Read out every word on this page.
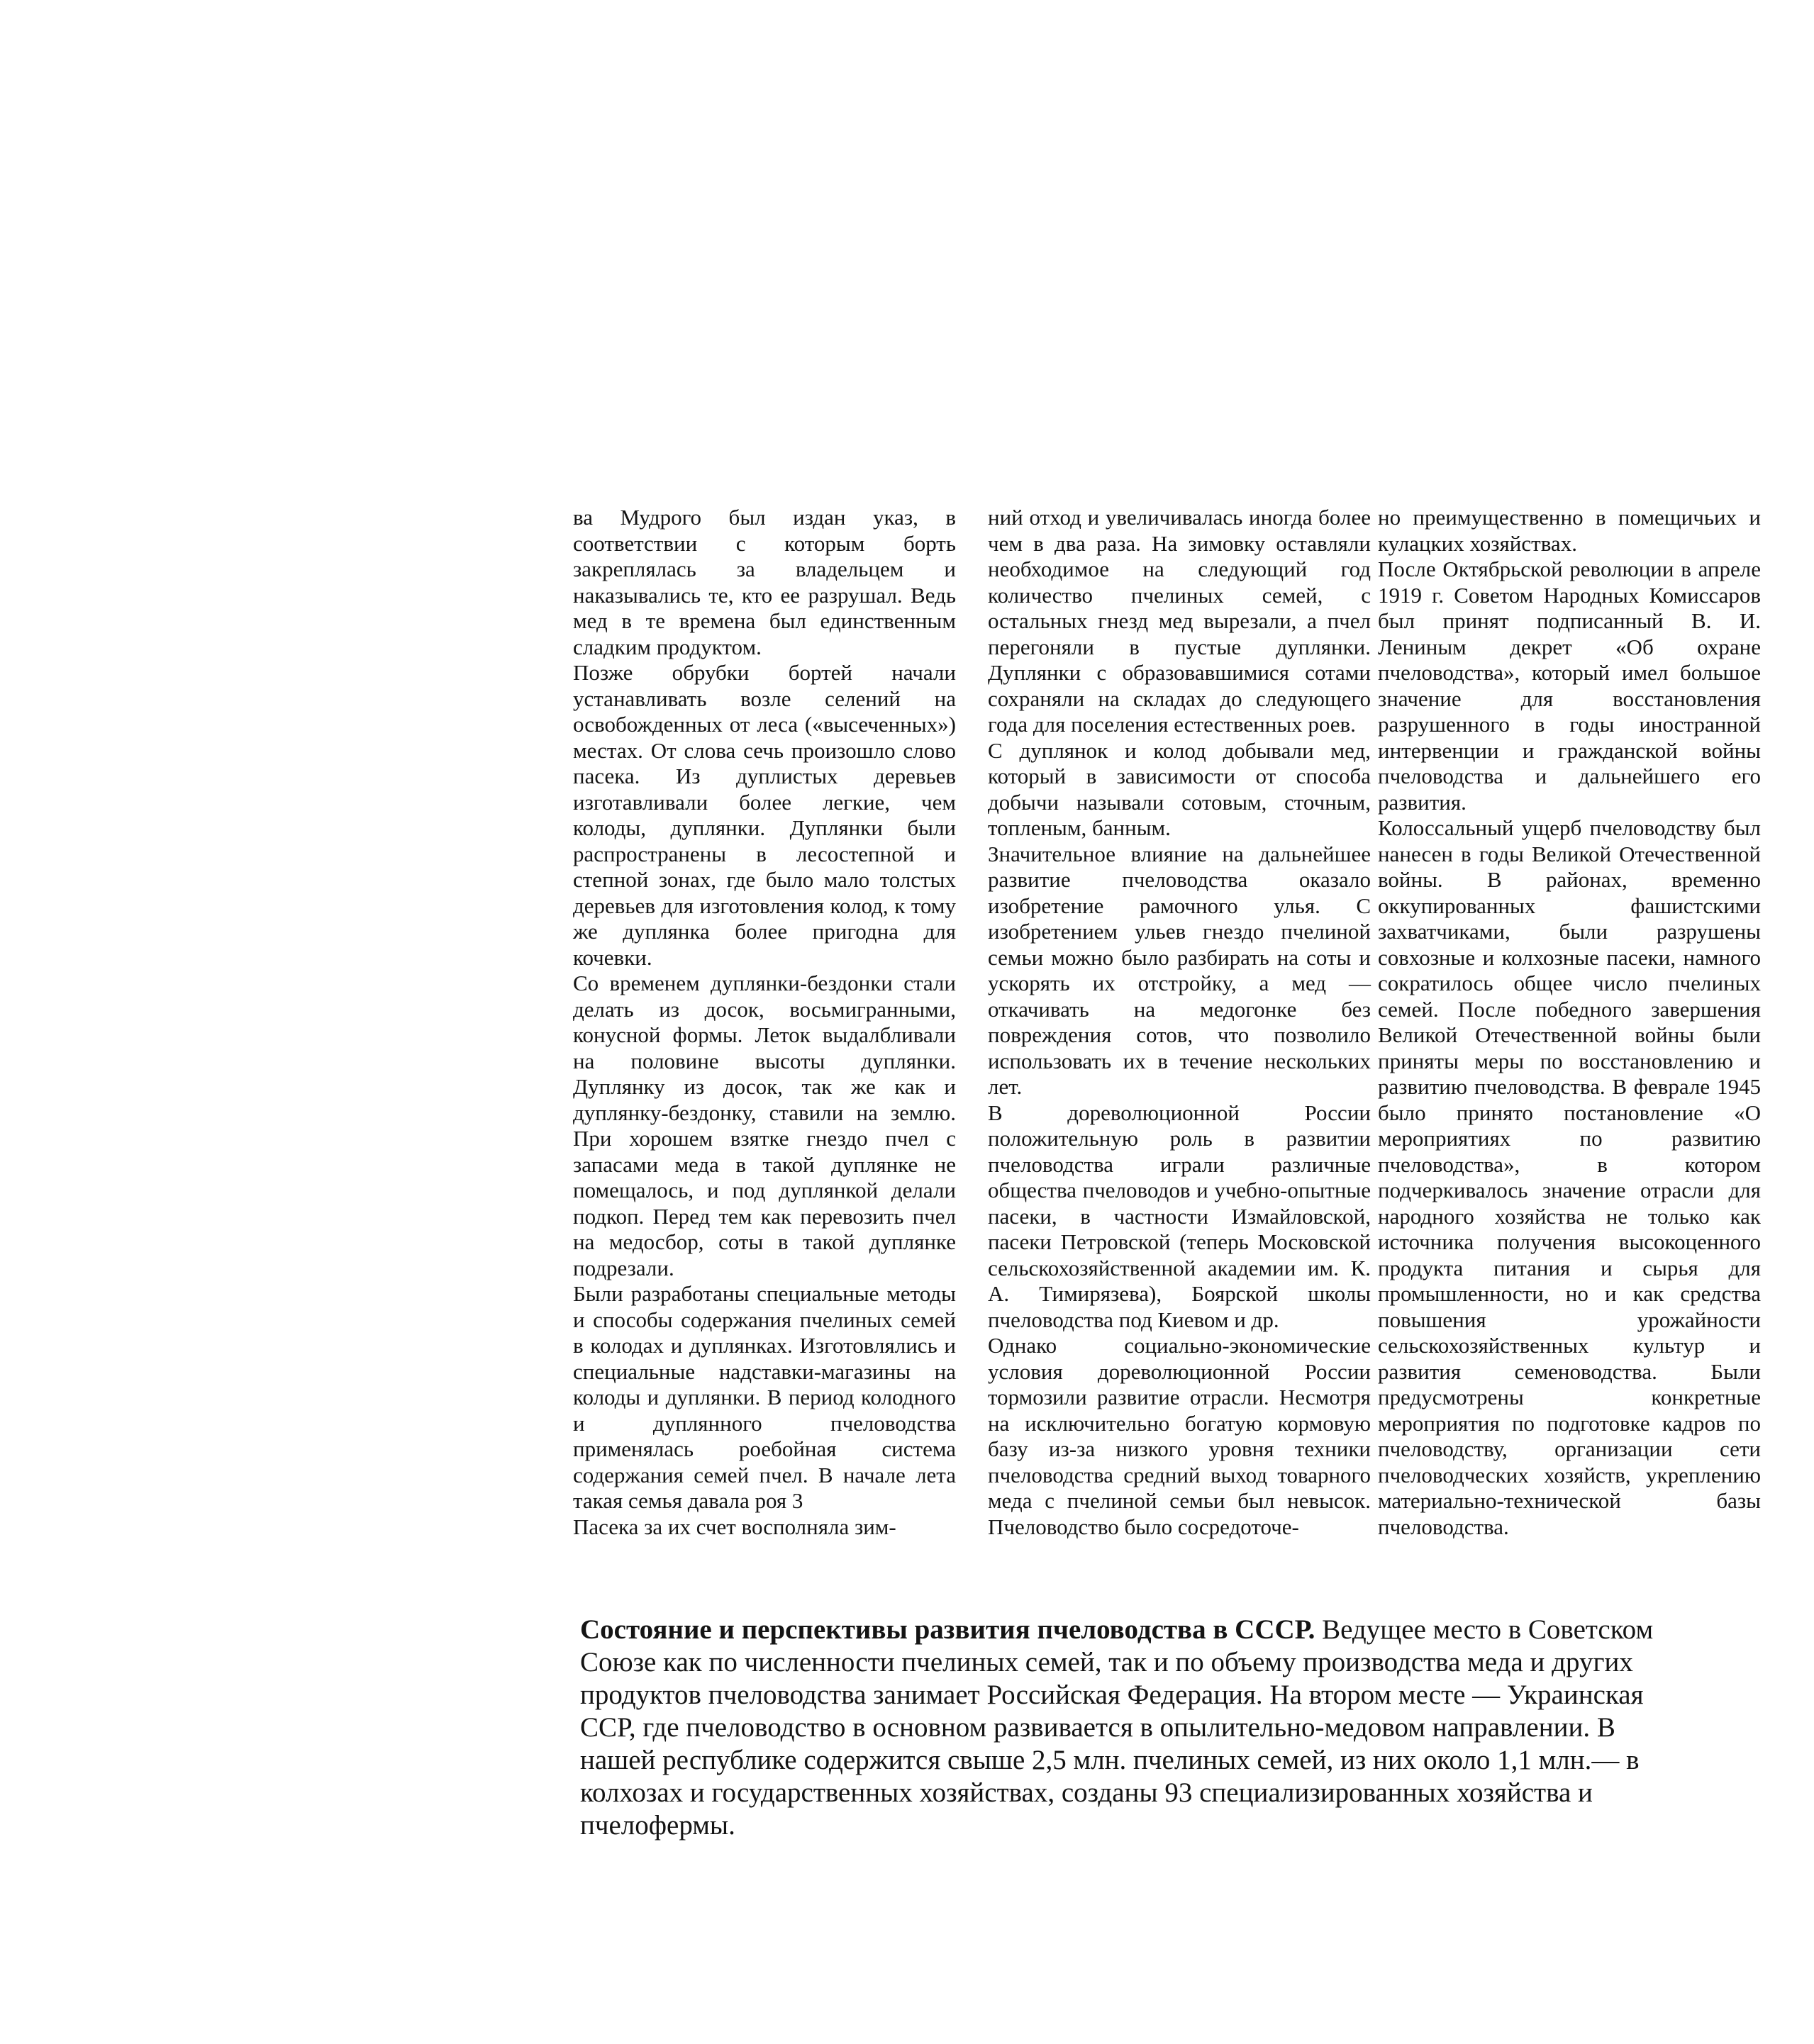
ва Мудрого был издан указ, в соответствии с которым борть закреплялась за владельцем и наказывались те, кто ее разрушал. Ведь мед в те времена был единственным сладким продуктом.

Позже обрубки бортей начали устанавливать возле селений на освобожденных от леса («высеченных») местах. От слова сечь произошло слово пасека. Из дуплистых деревьев изготавливали более легкие, чем колоды, дуплянки. Дуплянки были распространены в лесостепной и степной зонах, где было мало толстых деревьев для изготовления колод, к тому же дуплянка более пригодна для кочевки.

Со временем дуплянки-бездонки стали делать из досок, восьмигранными, конусной формы. Леток выдалбливали на половине высоты дуплянки. Дуплянку из досок, так же как и дуплянку-бездонку, ставили на землю. При хорошем взятке гнездо пчел с запасами меда в такой дуплянке не помещалось, и под дуплянкой делали подкоп. Перед тем как перевозить пчел на медосбор, соты в такой дуплянке подрезали.

Были разработаны специальные методы и способы содержания пчелиных семей в колодах и дуплянках. Изготовлялись и специальные надставки-магазины на колоды и дуплянки. В период колодного и дуплянного пчеловодства применялась роебойная система содержания семей пчел. В начале лета такая семья давала роя 3

Пасека за их счет восполняла зим-

ний отход и увеличивалась иногда более чем в два раза. На зимовку оставляли необходимое на следующий год количество пчелиных семей, с остальных гнезд мед вырезали, а пчел перегоняли в пустые дуплянки. Дуплянки с образовавшимися сотами сохраняли на складах до следующего года для поселения естественных роев.

С дуплянок и колод добывали мед, который в зависимости от способа добычи называли сотовым, сточным, топленым, банным.

Значительное влияние на дальнейшее развитие пчеловодства оказало изобретение рамочного улья. С изобретением ульев гнездо пчелиной семьи можно было разбирать на соты и ускорять их отстройку, а мед — откачивать на медогонке без повреждения сотов, что позволило использовать их в течение нескольких лет.

В дореволюционной России положительную роль в развитии пчеловодства играли различные общества пчеловодов и учебно-опытные пасеки, в частности Измайловской, пасеки Петровской (теперь Московской сельскохозяйственной академии им. К. А. Тимирязева), Боярской школы пчеловодства под Киевом и др.

Однако социально-экономические условия дореволюционной России тормозили развитие отрасли. Несмотря на исключительно богатую кормовую базу из-за низкого уровня техники пчеловодства средний выход товарного меда с пчелиной семьи был невысок. Пчеловодство было сосредоточе-

но преимущественно в помещичьих и кулацких хозяйствах.

После Октябрьской революции в апреле 1919 г. Советом Народных Комиссаров был принят подписанный В. И. Лениным декрет «Об охране пчеловодства», который имел большое значение для восстановления разрушенного в годы иностранной интервенции и гражданской войны пчеловодства и дальнейшего его развития.

Колоссальный ущерб пчеловодству был нанесен в годы Великой Отечественной войны. В районах, временно оккупированных фашистскими захватчиками, были разрушены совхозные и колхозные пасеки, намного сократилось общее число пчелиных семей. После победного завершения Великой Отечественной войны были приняты меры по восстановлению и развитию пчеловодства. В феврале 1945 было принято постановление «О мероприятиях по развитию пчеловодства», в котором подчеркивалось значение отрасли для народного хозяйства не только как источника получения высокоценного продукта питания и сырья для промышленности, но и как средства повышения урожайности сельскохозяйственных культур и развития семеноводства. Были предусмотрены конкретные мероприятия по подготовке кадров по пчеловодству, организации сети пчеловодческих хозяйств, укреплению материально-технической базы пчеловодства.

Состояние и перспективы развития пчеловодства в СССР. Ведущее место в Советском Союзе как по численности пчелиных семей, так и по объему производства меда и других продуктов пчеловодства занимает Российская Федерация. На втором месте — Украинская ССР, где пчеловодство в основном развивается в опылительно-медовом направлении. В нашей республике содержится свыше 2,5 млн. пчелиных семей, из них около 1,1 млн.— в колхозах и государственных хозяйствах, созданы 93 специализированных хозяйства и пчелофермы.
